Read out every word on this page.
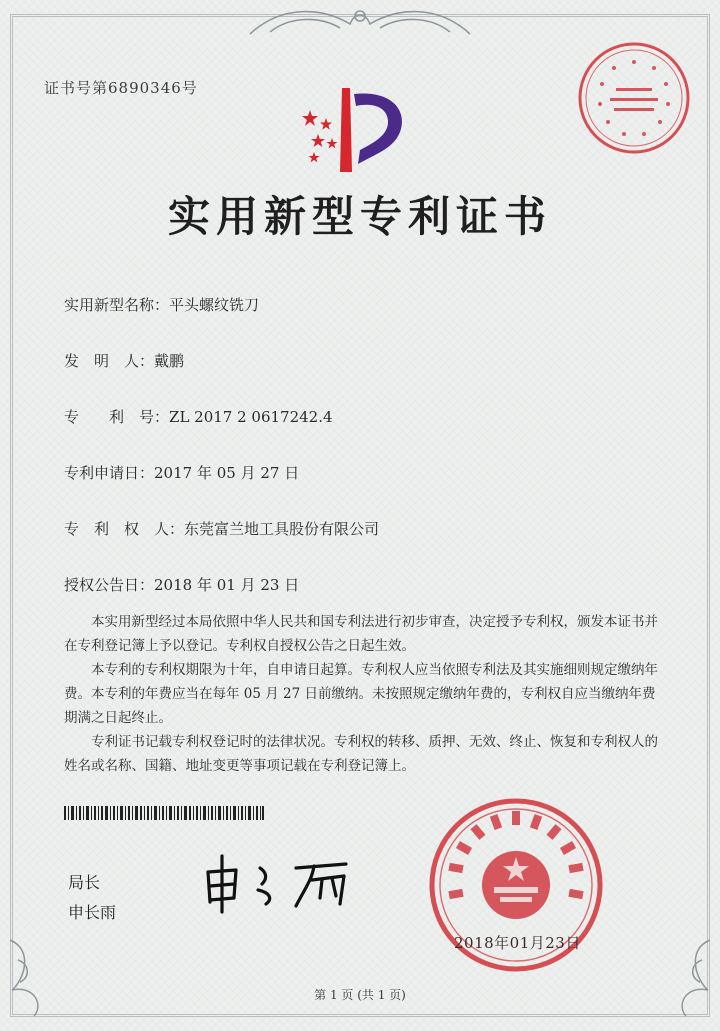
证书号第6890346号
实用新型专利证书
实用新型名称：平头螺纹铣刀
发　明　人：戴鹏
专　　利　号：ZL 2017 2 0617242.4
专利申请日：2017 年 05 月 27 日
专　利　权　人：东莞富兰地工具股份有限公司
授权公告日：2018 年 01 月 23 日

本实用新型经过本局依照中华人民共和国专利法进行初步审查，决定授予专利权，颁发本证书并在专利登记簿上予以登记。专利权自授权公告之日起生效。

本专利的专利权期限为十年，自申请日起算。专利权人应当依照专利法及其实施细则规定缴纳年费。本专利的年费应当在每年 05 月 27 日前缴纳。未按照规定缴纳年费的，专利权自应当缴纳年费期满之日起终止。

专利证书记载专利权登记时的法律状况。专利权的转移、质押、无效、终止、恢复和专利权人的姓名或名称、国籍、地址变更等事项记载在专利登记簿上。

局长
申长雨
2018年01月23日
第 1 页 (共 1 页)
